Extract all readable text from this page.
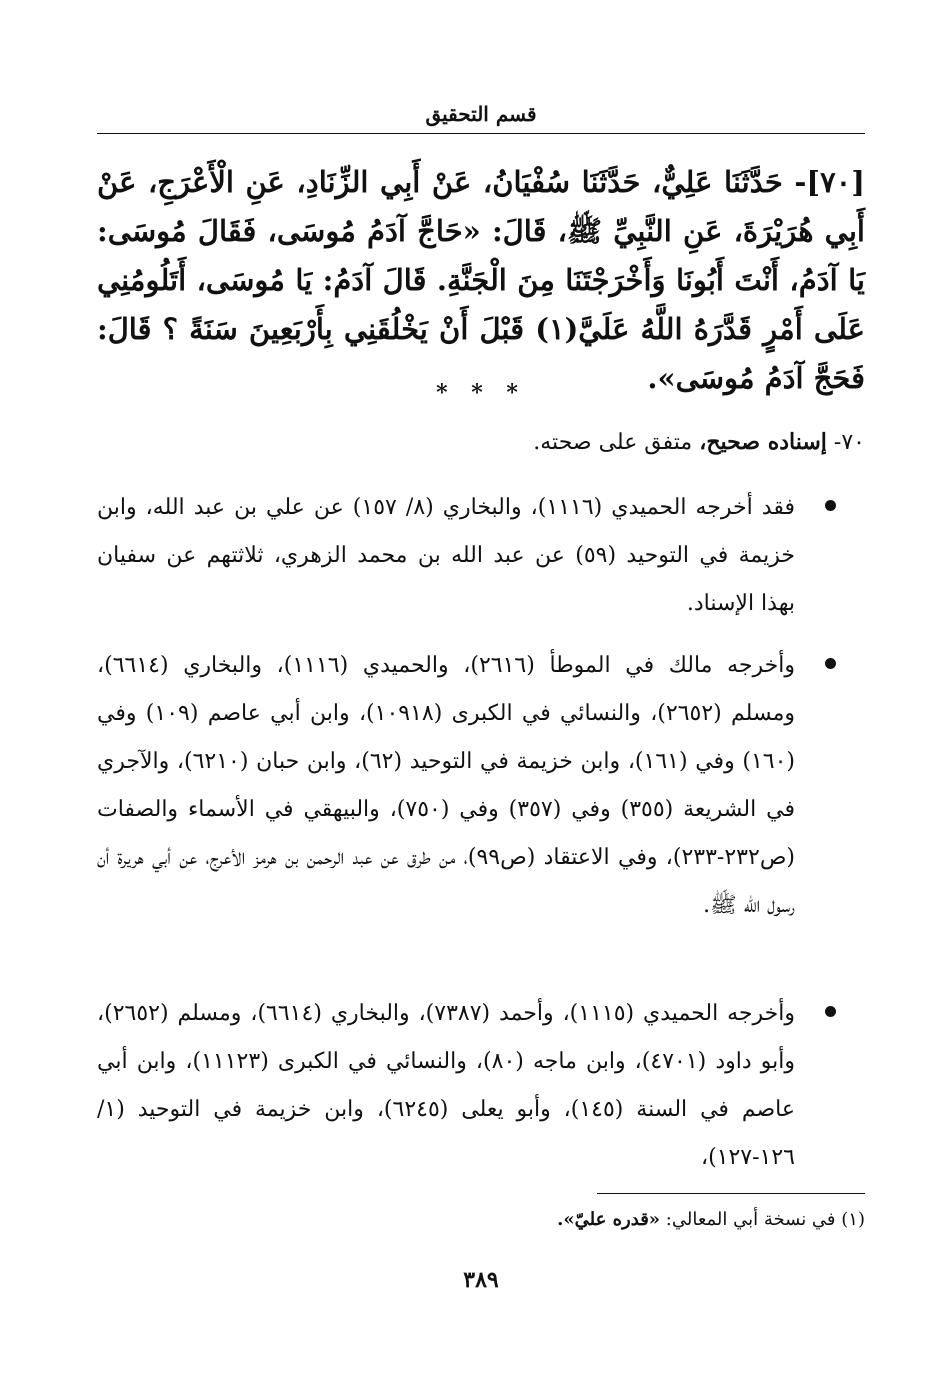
قسم التحقيق

[٧٠]- حَدَّثَنَا عَلِيٌّ، حَدَّثَنَا سُفْيَانُ، عَنْ أَبِي الزِّنَادِ، عَنِ الْأَعْرَجِ، عَنْ أَبِي هُرَيْرَةَ، عَنِ النَّبِيِّ ﷺ، قَالَ: «حَاجَّ آدَمُ مُوسَى، فَقَالَ مُوسَى: يَا آدَمُ، أَنْتَ أَبُونَا وَأَخْرَجْتَنَا مِنَ الْجَنَّةِ. قَالَ آدَمُ: يَا مُوسَى، أَتَلُومُنِي عَلَى أَمْرٍ قَدَّرَهُ اللَّهُ عَلَيَّ(١) قَبْلَ أَنْ يَخْلُقَنِي بِأَرْبَعِينَ سَنَةً ؟ قَالَ: فَحَجَّ آدَمُ مُوسَى».

* * *

٧٠- إسناده صحيح، متفق على صحته.

فقد أخرجه الحميدي (١١١٦)، والبخاري (٨/ ١٥٧) عن علي بن عبد الله، وابن خزيمة في التوحيد (٥٩) عن عبد الله بن محمد الزهري، ثلاثتهم عن سفيان بهذا الإسناد.
وأخرجه مالك في الموطأ (٢٦١٦)، والحميدي (١١١٦)، والبخاري (٦٦١٤)، ومسلم (٢٦٥٢)، والنسائي في الكبرى (١٠٩١٨)، وابن أبي عاصم (١٠٩) وفي (١٦٠) وفي (١٦١)، وابن خزيمة في التوحيد (٦٢)، وابن حبان (٦٢١٠)، والآجري في الشريعة (٣٥٥) وفي (٣٥٧) وفي (٧٥٠)، والبيهقي في الأسماء والصفات (ص٢٣٢-٢٣٣)، وفي الاعتقاد (ص٩٩)، من طرق عن عبد الرحمن بن هرمز الأعرج، عن أبي هريرة أن رسول الله ﷺ.
وأخرجه الحميدي (١١١٥)، وأحمد (٧٣٨٧)، والبخاري (٦٦١٤)، ومسلم (٢٦٥٢)، وأبو داود (٤٧٠١)، وابن ماجه (٨٠)، والنسائي في الكبرى (١١١٢٣)، وابن أبي عاصم في السنة (١٤٥)، وأبو يعلى (٦٢٤٥)، وابن خزيمة في التوحيد (١/ ١٢٦-١٢٧)،

(١) في نسخة أبي المعالي: «قدره عليّ».

٣٨٩
